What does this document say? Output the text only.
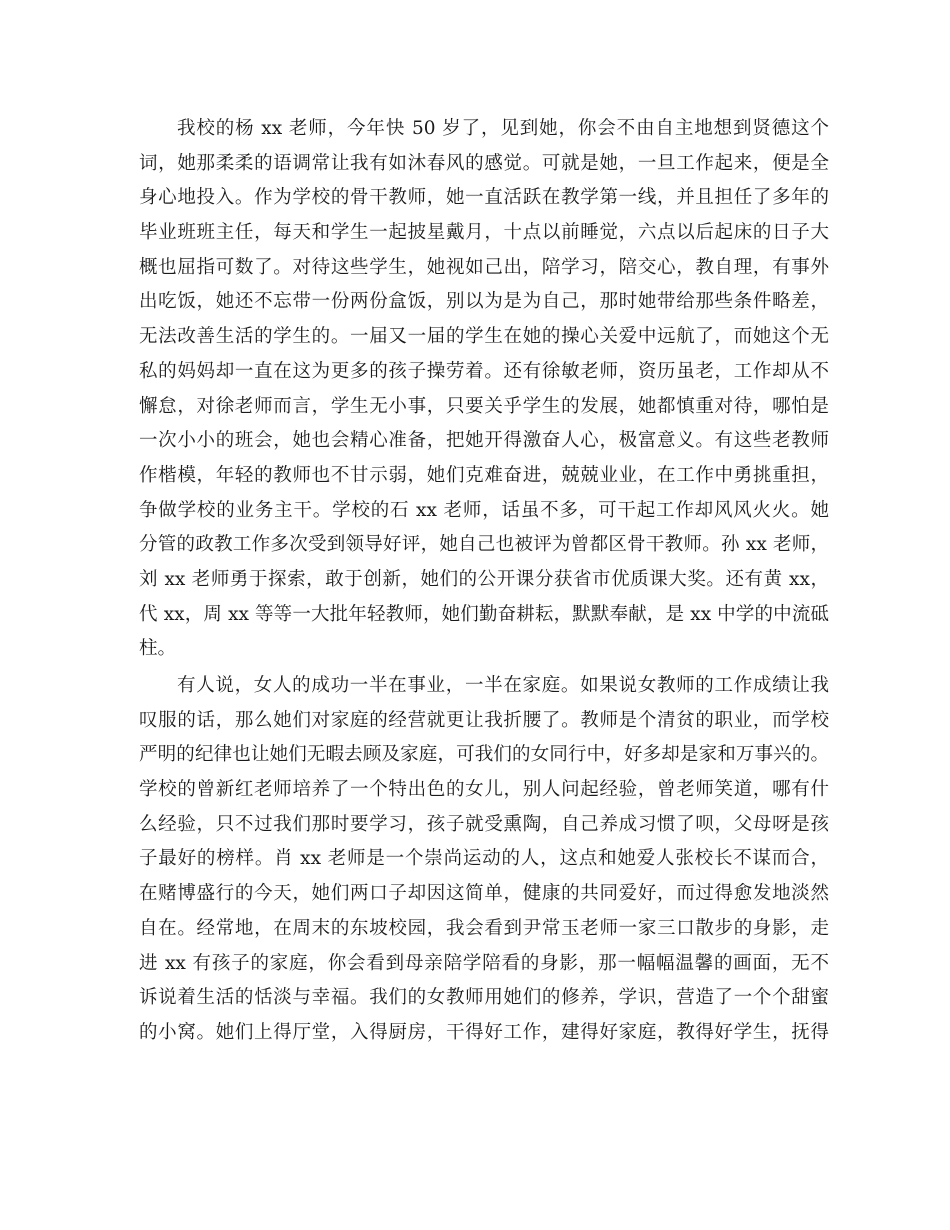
我校的杨 xx 老师，今年快 50 岁了，见到她，你会不由自主地想到贤德这个
词，她那柔柔的语调常让我有如沐春风的感觉。可就是她，一旦工作起来，便是全
身心地投入。作为学校的骨干教师，她一直活跃在教学第一线，并且担任了多年的
毕业班班主任，每天和学生一起披星戴月，十点以前睡觉，六点以后起床的日子大
概也屈指可数了。对待这些学生，她视如己出，陪学习，陪交心，教自理，有事外
出吃饭，她还不忘带一份两份盒饭，别以为是为自己，那时她带给那些条件略差，
无法改善生活的学生的。一届又一届的学生在她的操心关爱中远航了，而她这个无
私的妈妈却一直在这为更多的孩子操劳着。还有徐敏老师，资历虽老，工作却从不
懈怠，对徐老师而言，学生无小事，只要关乎学生的发展，她都慎重对待，哪怕是
一次小小的班会，她也会精心准备，把她开得激奋人心，极富意义。有这些老教师
作楷模，年轻的教师也不甘示弱，她们克难奋进，兢兢业业，在工作中勇挑重担，
争做学校的业务主干。学校的石 xx 老师，话虽不多，可干起工作却风风火火。她
分管的政教工作多次受到领导好评，她自己也被评为曾都区骨干教师。孙 xx 老师，
刘 xx 老师勇于探索，敢于创新，她们的公开课分获省市优质课大奖。还有黄 xx，
代 xx，周 xx 等等一大批年轻教师，她们勤奋耕耘，默默奉献，是 xx 中学的中流砥
柱。
有人说，女人的成功一半在事业，一半在家庭。如果说女教师的工作成绩让我
叹服的话，那么她们对家庭的经营就更让我折腰了。教师是个清贫的职业，而学校
严明的纪律也让她们无暇去顾及家庭，可我们的女同行中，好多却是家和万事兴的。
学校的曾新红老师培养了一个特出色的女儿，别人问起经验，曾老师笑道，哪有什
么经验，只不过我们那时要学习，孩子就受熏陶，自己养成习惯了呗，父母呀是孩
子最好的榜样。肖 xx 老师是一个崇尚运动的人，这点和她爱人张校长不谋而合，
在赌博盛行的今天，她们两口子却因这简单，健康的共同爱好，而过得愈发地淡然
自在。经常地，在周末的东坡校园，我会看到尹常玉老师一家三口散步的身影，走
进 xx 有孩子的家庭，你会看到母亲陪学陪看的身影，那一幅幅温馨的画面，无不
诉说着生活的恬淡与幸福。我们的女教师用她们的修养，学识，营造了一个个甜蜜
的小窝。她们上得厅堂，入得厨房，干得好工作，建得好家庭，教得好学生，抚得
